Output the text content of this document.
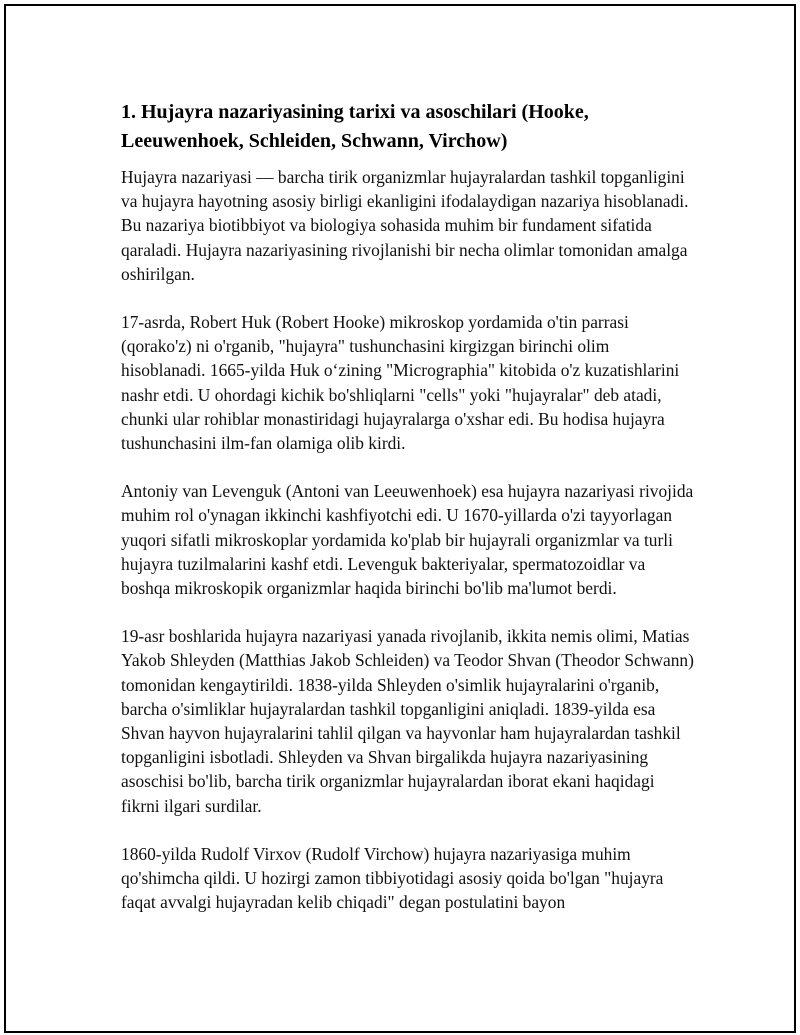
1. Hujayra nazariyasining tarixi va asoschilari (Hooke, Leeuwenhoek, Schleiden, Schwann, Virchow)

Hujayra nazariyasi — barcha tirik organizmlar hujayralardan tashkil topganligini va hujayra hayotning asosiy birligi ekanligini ifodalaydigan nazariya hisoblanadi. Bu nazariya biotibbiyot va biologiya sohasida muhim bir fundament sifatida qaraladi. Hujayra nazariyasining rivojlanishi bir necha olimlar tomonidan amalga oshirilgan.

17-asrda, Robert Huk (Robert Hooke) mikroskop yordamida o'tin parrasi (qorako'z) ni o'rganib, "hujayra" tushunchasini kirgizgan birinchi olim hisoblanadi. 1665-yilda Huk o‘zining "Micrographia" kitobida o'z kuzatishlarini nashr etdi. U ohordagi kichik bo'shliqlarni "cells" yoki "hujayralar" deb atadi, chunki ular rohiblar monastiridagi hujayralarga o'xshar edi. Bu hodisa hujayra tushunchasini ilm-fan olamiga olib kirdi.

Antoniy van Levenguk (Antoni van Leeuwenhoek) esa hujayra nazariyasi rivojida muhim rol o'ynagan ikkinchi kashfiyotchi edi. U 1670-yillarda o'zi tayyorlagan yuqori sifatli mikroskoplar yordamida ko'plab bir hujayrali organizmlar va turli hujayra tuzilmalarini kashf etdi. Levenguk bakteriyalar, spermatozoidlar va boshqa mikroskopik organizmlar haqida birinchi bo'lib ma'lumot berdi.

19-asr boshlarida hujayra nazariyasi yanada rivojlanib, ikkita nemis olimi, Matias Yakob Shleyden (Matthias Jakob Schleiden) va Teodor Shvan (Theodor Schwann) tomonidan kengaytirildi. 1838-yilda Shleyden o'simlik hujayralarini o'rganib, barcha o'simliklar hujayralardan tashkil topganligini aniqladi. 1839-yilda esa Shvan hayvon hujayralarini tahlil qilgan va hayvonlar ham hujayralardan tashkil topganligini isbotladi. Shleyden va Shvan birgalikda hujayra nazariyasining asoschisi bo'lib, barcha tirik organizmlar hujayralardan iborat ekani haqidagi fikrni ilgari surdilar.

1860-yilda Rudolf Virxov (Rudolf Virchow) hujayra nazariyasiga muhim qo'shimcha qildi. U hozirgi zamon tibbiyotidagi asosiy qoida bo'lgan "hujayra faqat avvalgi hujayradan kelib chiqadi" degan postulatini bayon
